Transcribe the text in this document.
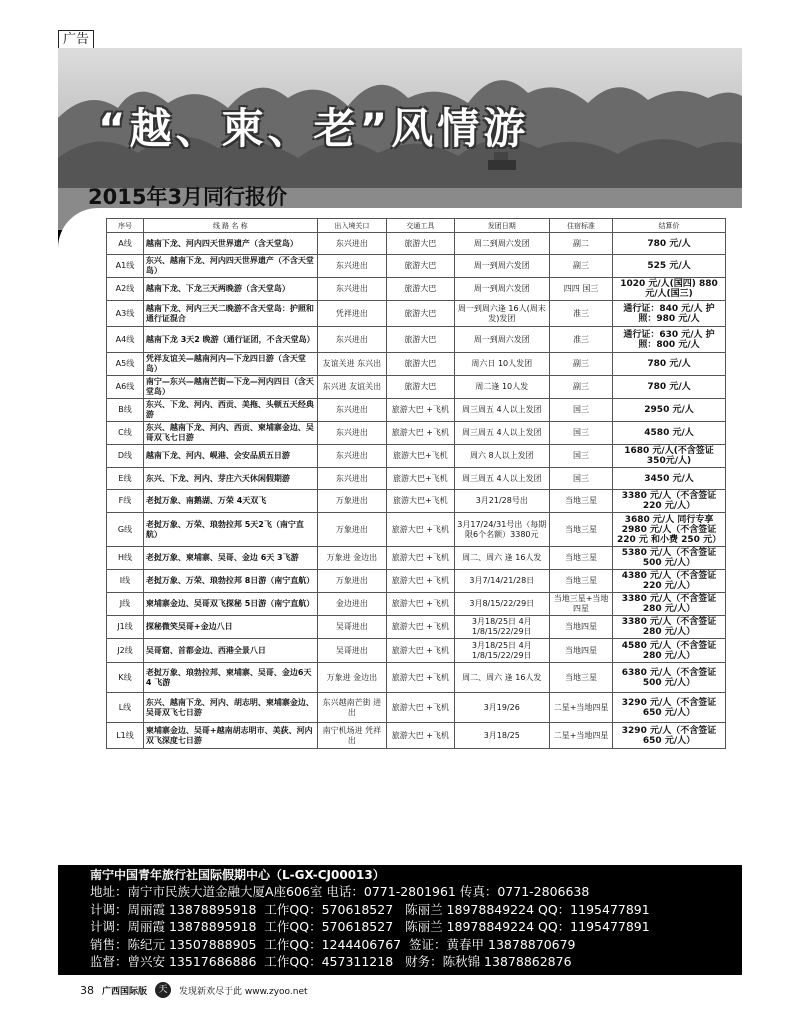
广告
“越、柬、老”风情游
2015年3月同行报价
序号	线 路 名 称	出入境关口	交通工具	发团日期	住宿标准	结算价
A线	越南下龙、河内四天世界遗产（含天堂岛）	东兴进出	旅游大巴	周二到周六发团	副二	780 元/人
A1线	东兴、越南下龙、河内四天世界遗产（不含天堂岛）	东兴进出	旅游大巴	周一到周六发团	副三	525 元/人
A2线	越南下龙、下龙三天两晚游（含天堂岛）	东兴进出	旅游大巴	周一到周六发团	四四 国三	1020 元/人(国四) 880 元/人(国三)
A3线	越南下龙、河内三天二晚游不含天堂岛：护照和通行证混合	凭祥进出	旅游大巴	周一到周六逢 16人(周末发)发团	准三	通行证：840 元/人 护照：980 元/人
A4线	越南下龙 3天2 晚游（通行证团，不含天堂岛）	东兴进出	旅游大巴	周一到周六发团	准三	通行证：630 元/人 护照：800 元/人
A5线	凭祥友谊关—越南河内—下龙四日游（含天堂岛）	友谊关进 东兴出	旅游大巴	周六日 10人发团	副三	780 元/人
A6线	南宁—东兴—越南芒街—下龙—河内四日（含天堂岛）	东兴进 友谊关出	旅游大巴	周二逢 10人发	副三	780 元/人
B线	东兴、下龙、河内、西贡、美拖、头顿五天经典游	东兴进出	旅游大巴 +飞机	周三周五 4人以上发团	国三	2950 元/人
C线	东兴、越南下龙、河内、西贡、柬埔寨金边、吴哥双飞七日游	东兴进出	旅游大巴 +飞机	周三周五 4人以上发团	国三	4580 元/人
D线	越南下龙、河内、岘港、会安品质五日游	东兴进出	旅游大巴+飞机	周六 8人以上发团	国三	1680 元/人(不含签证350元/人)
E线	东兴、下龙、河内、芽庄六天休闲假期游	东兴进出	旅游大巴+飞机	周三周五 4人以上发团	国三	3450 元/人
F线	老挝万象、南鹅湖、万荣 4天双飞	万象进出	旅游大巴+飞机	3月21/28号出	当地三星	3380 元/人（不含签证220 元/人）
G线	老挝万象、万荣、琅勃拉邦 5天2飞（南宁直航）	万象进出	旅游大巴 +飞机	3月17/24/31号出（每期限6个名额）3380元	当地三星	3680 元/人 同行专享2980 元/人（不含签证 220 元 和小费 250 元）
H线	老挝万象、柬埔寨、吴哥、金边 6天 3飞游	万象进 金边出	旅游大巴 +飞机	周二、周六 逢 16人发	当地三星	5380 元/人（不含签证 500 元/人）
I线	老挝万象、万荣、琅勃拉邦 8日游（南宁直航）	万象进出	旅游大巴 +飞机	3月7/14/21/28日	当地三星	4380 元/人（不含签证 220 元/人）
J线	柬埔寨金边、吴哥双飞探秘 5日游（南宁直航）	金边进出	旅游大巴 +飞机	3月8/15/22/29日	当地三星+当地四星	3380 元/人（不含签证 280 元/人）
J1线	探秘微笑吴哥+金边八日	吴哥进出	旅游大巴 +飞机	3月18/25日 4月1/8/15/22/29日	当地四星	3380 元/人（不含签证 280 元/人）
J2线	吴哥窟、首都金边、西港全景八日	吴哥进出	旅游大巴 +飞机	3月18/25日 4月1/8/15/22/29日	当地四星	4580 元/人（不含签证 280 元/人）
K线	老挝万象、琅勃拉邦、柬埔寨、吴哥、金边6天4 飞游	万象进 金边出	旅游大巴 +飞机	周二、周六 逢 16人发	当地三星	6380 元/人（不含签证 500 元/人）
L线	东兴、越南下龙、河内、胡志明、柬埔寨金边、吴哥双飞七日游	东兴越南芒街 进出	旅游大巴 +飞机	3月19/26	二星+当地四星	3290 元/人（不含签证 650 元/人）
L1线	柬埔寨金边、吴哥+越南胡志明市、美荻、河内双飞深度七日游	南宁机场进 凭祥出	旅游大巴 +飞机	3月18/25	二星+当地四星	3290 元/人（不含签证 650 元/人）
南宁中国青年旅行社国际假期中心（L-GX-CJ00013）
地址：南宁市民族大道金融大厦A座606室 电话：0771-2801961 传真：0771-2806638
计调：周丽霞 13878895918  工作QQ：570618527   陈丽兰 18978849224 QQ：1195477891
计调：周丽霞 13878895918  工作QQ：570618527   陈丽兰 18978849224 QQ：1195477891
销售：陈纪元 13507888905  工作QQ：1244406767  签证：黄春甲 13878870679
监督：曾兴安 13517686886  工作QQ：457311218   财务：陈秋锦 13878862876
38 广西国际版	天	发现新欢尽于此 www.zyoo.net
